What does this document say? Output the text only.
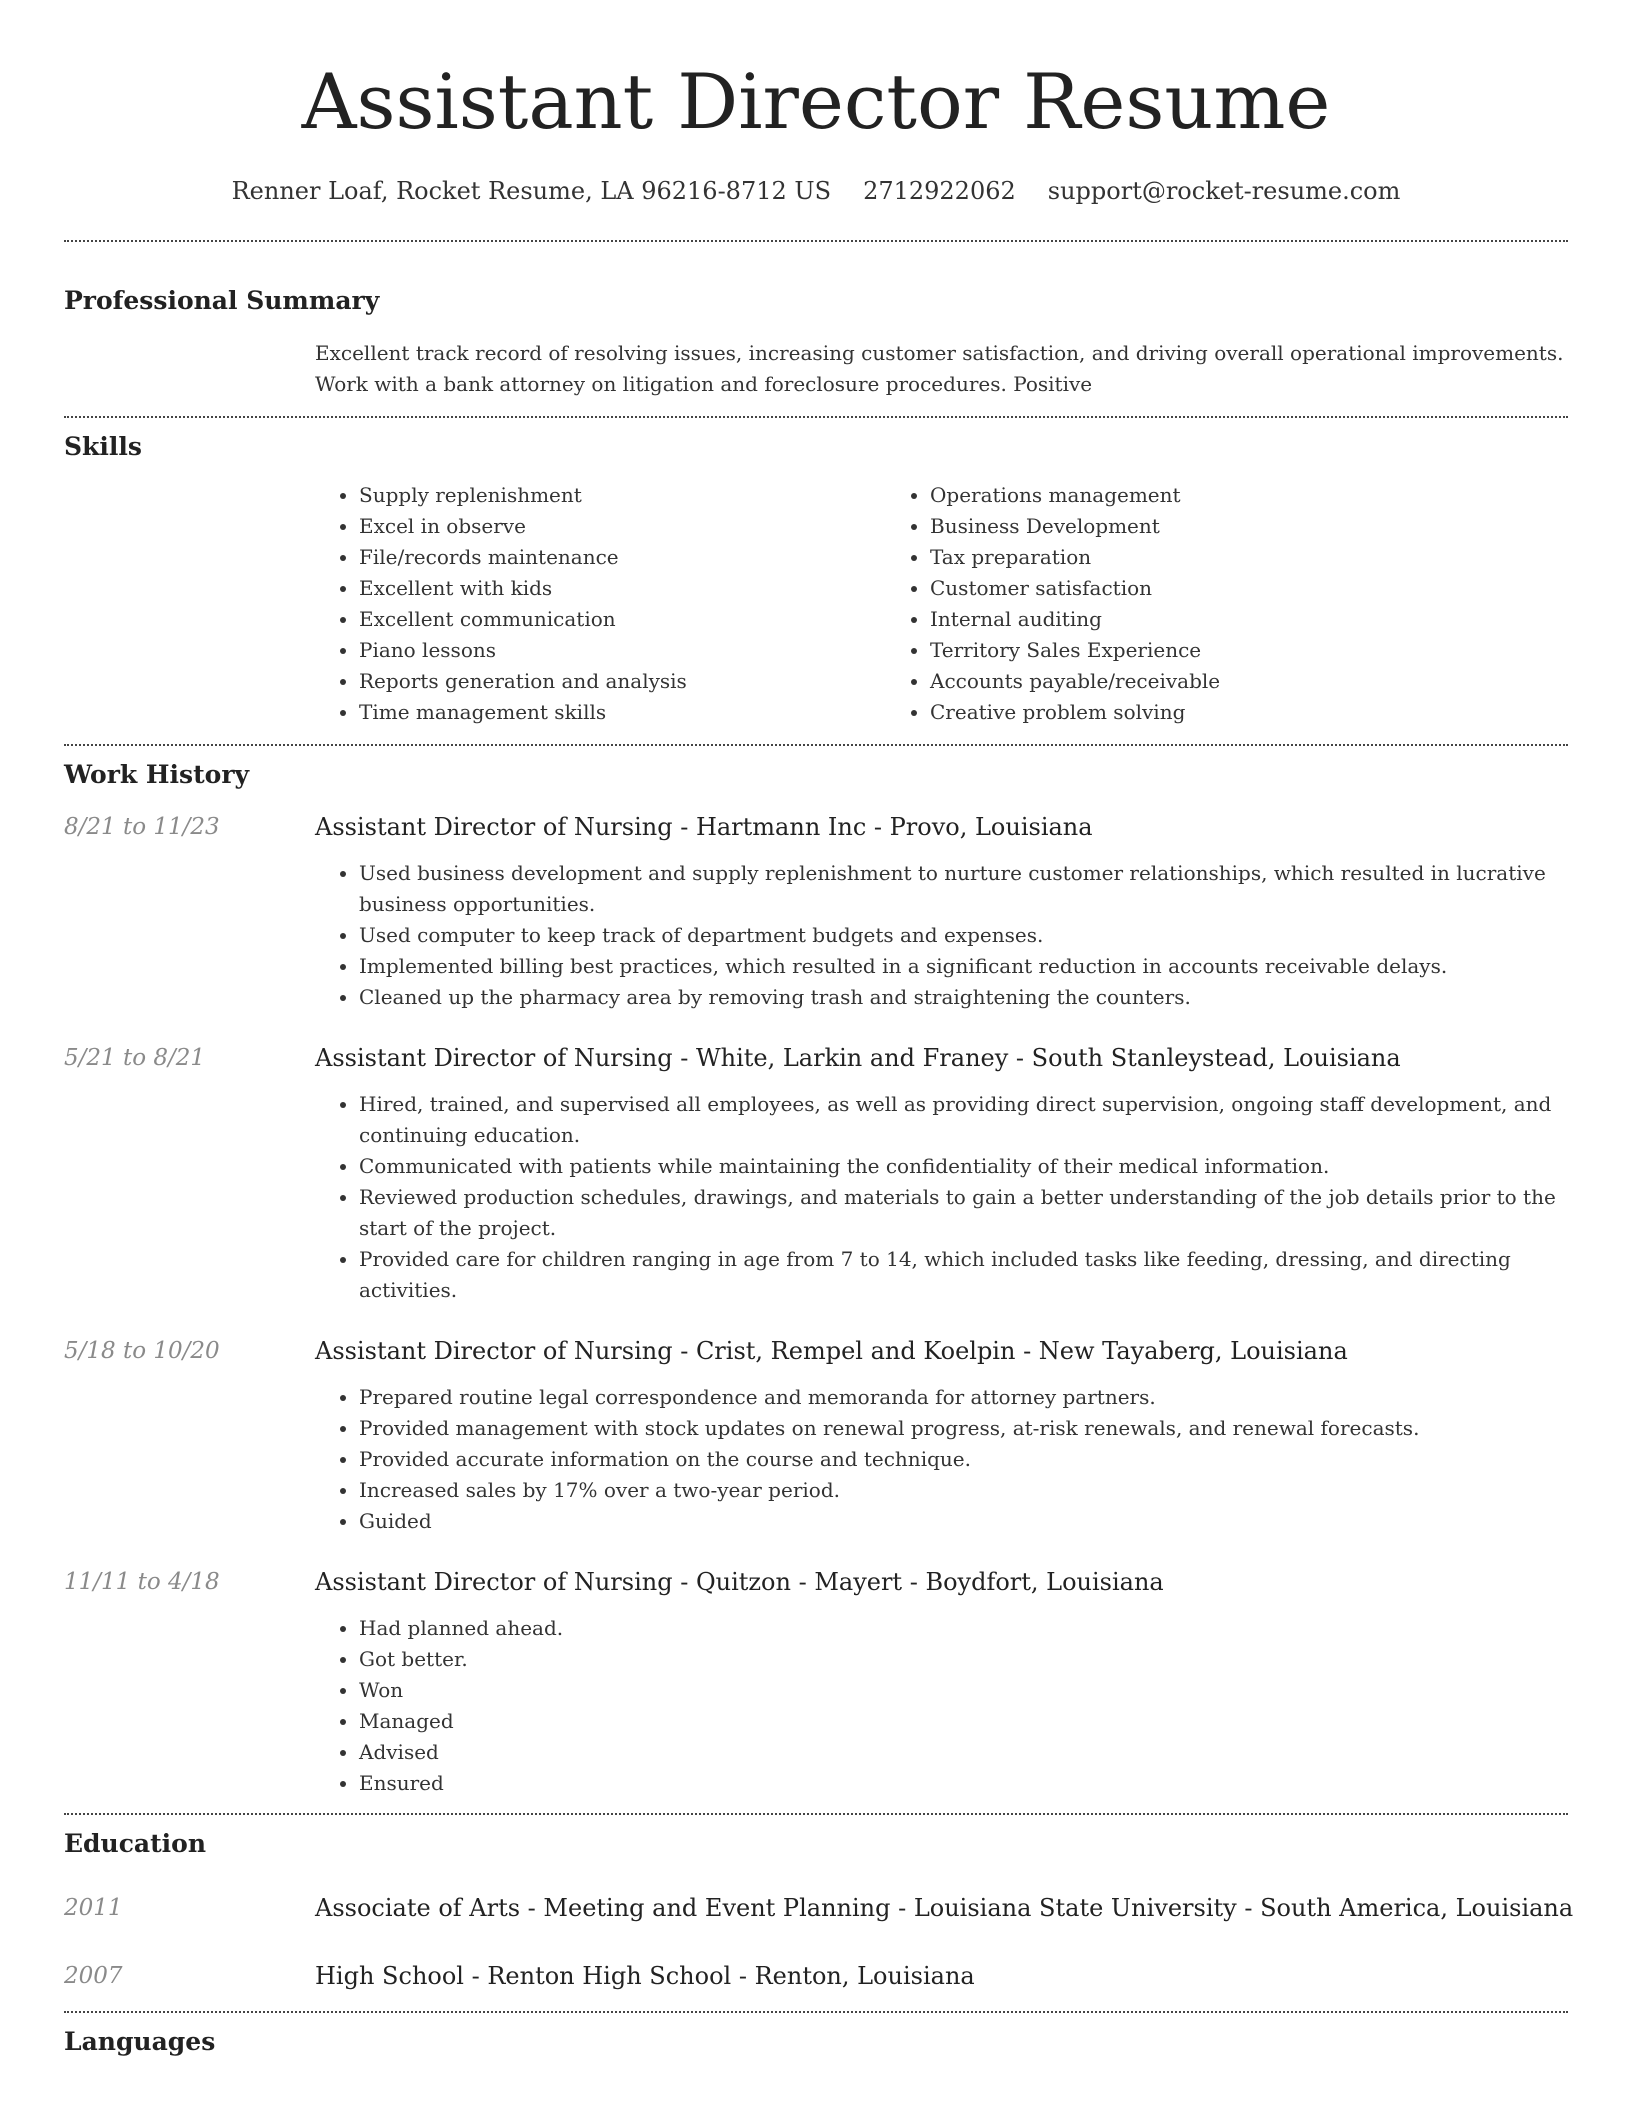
Assistant Director Resume
Renner Loaf, Rocket Resume, LA 96216-8712 US 2712922062 support@rocket-resume.com
Professional Summary
Excellent track record of resolving issues, increasing customer satisfaction, and driving overall operational improvements.
Work with a bank attorney on litigation and foreclosure procedures. Positive
Skills
• Supply replenishment
• Excel in observe
• File/records maintenance
• Excellent with kids
• Excellent communication
• Piano lessons
• Reports generation and analysis
• Time management skills
• Operations management
• Business Development
• Tax preparation
• Customer satisfaction
• Internal auditing
• Territory Sales Experience
• Accounts payable/receivable
• Creative problem solving
Work History
8/21 to 11/23	Assistant Director of Nursing - Hartmann Inc - Provo, Louisiana
• Used business development and supply replenishment to nurture customer relationships, which resulted in lucrative business opportunities.
• Used computer to keep track of department budgets and expenses.
• Implemented billing best practices, which resulted in a significant reduction in accounts receivable delays.
• Cleaned up the pharmacy area by removing trash and straightening the counters.
5/21 to 8/21	Assistant Director of Nursing - White, Larkin and Franey - South Stanleystead, Louisiana
• Hired, trained, and supervised all employees, as well as providing direct supervision, ongoing staff development, and continuing education.
• Communicated with patients while maintaining the confidentiality of their medical information.
• Reviewed production schedules, drawings, and materials to gain a better understanding of the job details prior to the start of the project.
• Provided care for children ranging in age from 7 to 14, which included tasks like feeding, dressing, and directing activities.
5/18 to 10/20	Assistant Director of Nursing - Crist, Rempel and Koelpin - New Tayaberg, Louisiana
• Prepared routine legal correspondence and memoranda for attorney partners.
• Provided management with stock updates on renewal progress, at-risk renewals, and renewal forecasts.
• Provided accurate information on the course and technique.
• Increased sales by 17% over a two-year period.
• Guided
11/11 to 4/18	Assistant Director of Nursing - Quitzon - Mayert - Boydfort, Louisiana
• Had planned ahead.
• Got better.
• Won
• Managed
• Advised
• Ensured
Education
2011	Associate of Arts - Meeting and Event Planning - Louisiana State University - South America, Louisiana
2007	High School - Renton High School - Renton, Louisiana
Languages
